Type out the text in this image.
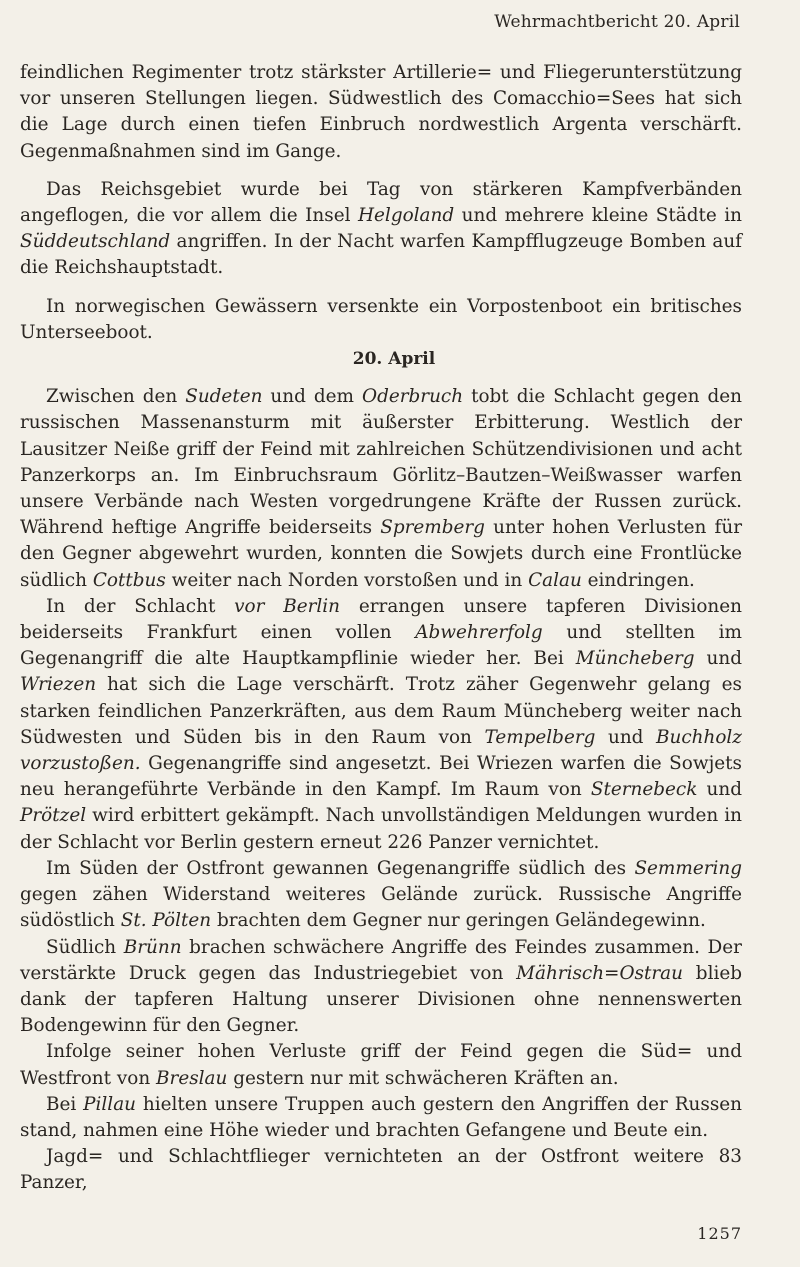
Wehrmachtbericht 20. April

feindlichen Regimenter trotz stärkster Artillerie= und Fliegerunterstützung vor unseren Stellungen liegen. Südwestlich des Comacchio=Sees hat sich die Lage durch einen tiefen Einbruch nordwestlich Argenta verschärft. Gegenmaßnahmen sind im Gange.

Das Reichsgebiet wurde bei Tag von stärkeren Kampfverbänden angeflogen, die vor allem die Insel Helgoland und mehrere kleine Städte in Süddeutschland angriffen. In der Nacht warfen Kampfflugzeuge Bomben auf die Reichshauptstadt.

In norwegischen Gewässern versenkte ein Vorpostenboot ein britisches Unterseeboot.

20. April

Zwischen den Sudeten und dem Oderbruch tobt die Schlacht gegen den russischen Massenansturm mit äußerster Erbitterung. Westlich der Lausitzer Neiße griff der Feind mit zahlreichen Schützendivisionen und acht Panzerkorps an. Im Einbruchsraum Görlitz–Bautzen–Weißwasser warfen unsere Verbände nach Westen vorgedrungene Kräfte der Russen zurück. Während heftige Angriffe beiderseits Spremberg unter hohen Verlusten für den Gegner abgewehrt wurden, konnten die Sowjets durch eine Frontlücke südlich Cottbus weiter nach Norden vorstoßen und in Calau eindringen.

In der Schlacht vor Berlin errangen unsere tapferen Divisionen beiderseits Frankfurt einen vollen Abwehrerfolg und stellten im Gegenangriff die alte Hauptkampflinie wieder her. Bei Müncheberg und Wriezen hat sich die Lage verschärft. Trotz zäher Gegenwehr gelang es starken feindlichen Panzerkräften, aus dem Raum Müncheberg weiter nach Südwesten und Süden bis in den Raum von Tempelberg und Buchholz vorzustoßen. Gegenangriffe sind angesetzt. Bei Wriezen warfen die Sowjets neu herangeführte Verbände in den Kampf. Im Raum von Sternebeck und Prötzel wird erbittert gekämpft. Nach unvollständigen Meldungen wurden in der Schlacht vor Berlin gestern erneut 226 Panzer vernichtet.

Im Süden der Ostfront gewannen Gegenangriffe südlich des Semmering gegen zähen Widerstand weiteres Gelände zurück. Russische Angriffe südöstlich St. Pölten brachten dem Gegner nur geringen Geländegewinn.

Südlich Brünn brachen schwächere Angriffe des Feindes zusammen. Der verstärkte Druck gegen das Industriegebiet von Mährisch=Ostrau blieb dank der tapferen Haltung unserer Divisionen ohne nennenswerten Bodengewinn für den Gegner.

Infolge seiner hohen Verluste griff der Feind gegen die Süd= und Westfront von Breslau gestern nur mit schwächeren Kräften an.

Bei Pillau hielten unsere Truppen auch gestern den Angriffen der Russen stand, nahmen eine Höhe wieder und brachten Gefangene und Beute ein.

Jagd= und Schlachtflieger vernichteten an der Ostfront weitere 83 Panzer,

1257
